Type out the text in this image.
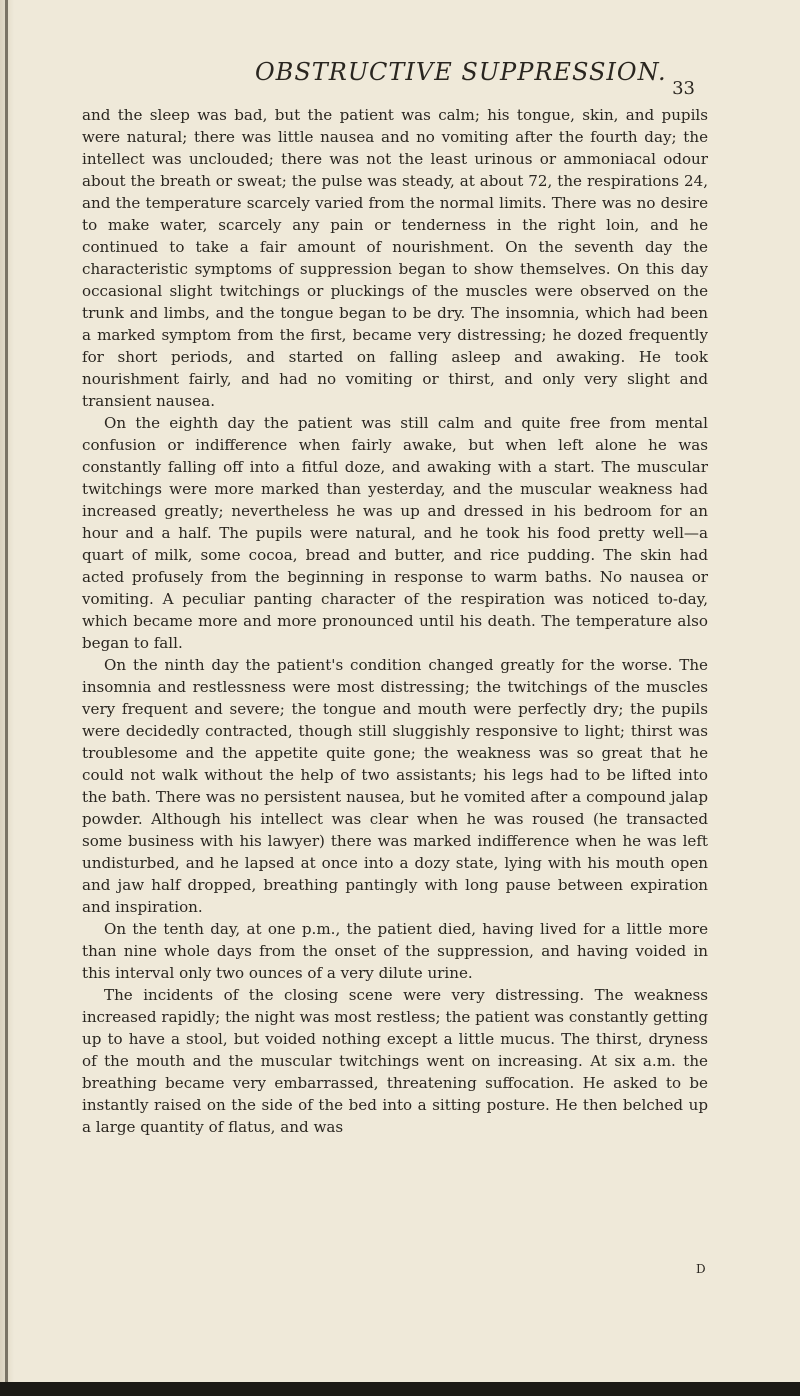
OBSTRUCTIVE SUPPRESSION.
33

and the sleep was bad, but the patient was calm; his tongue, skin, and pupils were natural; there was little nausea and no vomiting after the fourth day; the intellect was unclouded; there was not the least urinous or ammoniacal odour about the breath or sweat; the pulse was steady, at about 72, the respirations 24, and the temperature scarcely varied from the normal limits. There was no desire to make water, scarcely any pain or tenderness in the right loin, and he continued to take a fair amount of nourishment. On the seventh day the characteristic symptoms of suppression began to show themselves. On this day occasional slight twitchings or pluckings of the muscles were observed on the trunk and limbs, and the tongue began to be dry. The insomnia, which had been a marked symptom from the first, became very distressing; he dozed frequently for short periods, and started on falling asleep and awaking. He took nourishment fairly, and had no vomiting or thirst, and only very slight and transient nausea.

On the eighth day the patient was still calm and quite free from mental confusion or indifference when fairly awake, but when left alone he was constantly falling off into a fitful doze, and awaking with a start. The muscular twitchings were more marked than yesterday, and the muscular weakness had increased greatly; nevertheless he was up and dressed in his bedroom for an hour and a half. The pupils were natural, and he took his food pretty well—a quart of milk, some cocoa, bread and butter, and rice pudding. The skin had acted profusely from the beginning in response to warm baths. No nausea or vomiting. A peculiar panting character of the respiration was noticed to-day, which became more and more pronounced until his death. The temperature also began to fall.

On the ninth day the patient's condition changed greatly for the worse. The insomnia and restlessness were most distressing; the twitchings of the muscles very frequent and severe; the tongue and mouth were perfectly dry; the pupils were decidedly contracted, though still sluggishly responsive to light; thirst was troublesome and the appetite quite gone; the weakness was so great that he could not walk without the help of two assistants; his legs had to be lifted into the bath. There was no persistent nausea, but he vomited after a compound jalap powder. Although his intellect was clear when he was roused (he transacted some business with his lawyer) there was marked indifference when he was left undisturbed, and he lapsed at once into a dozy state, lying with his mouth open and jaw half dropped, breathing pantingly with long pause between expiration and inspiration.

On the tenth day, at one p.m., the patient died, having lived for a little more than nine whole days from the onset of the suppression, and having voided in this interval only two ounces of a very dilute urine.

The incidents of the closing scene were very distressing. The weakness increased rapidly; the night was most restless; the patient was constantly getting up to have a stool, but voided nothing except a little mucus. The thirst, dryness of the mouth and the muscular twitchings went on increasing. At six a.m. the breathing became very embarrassed, threatening suffocation. He asked to be instantly raised on the side of the bed into a sitting posture. He then belched up a large quantity of flatus, and was

D
